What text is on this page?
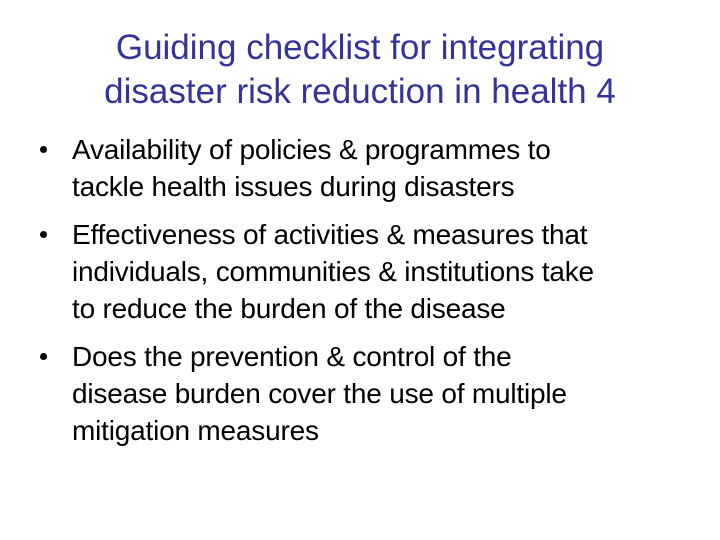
Guiding checklist for integrating
disaster risk reduction in health 4
Availability of policies & programmes to
tackle health issues during disasters
Effectiveness of activities & measures that
individuals, communities & institutions take
to reduce the burden of the disease
Does the prevention & control of the
disease burden cover the use of multiple
mitigation measures
